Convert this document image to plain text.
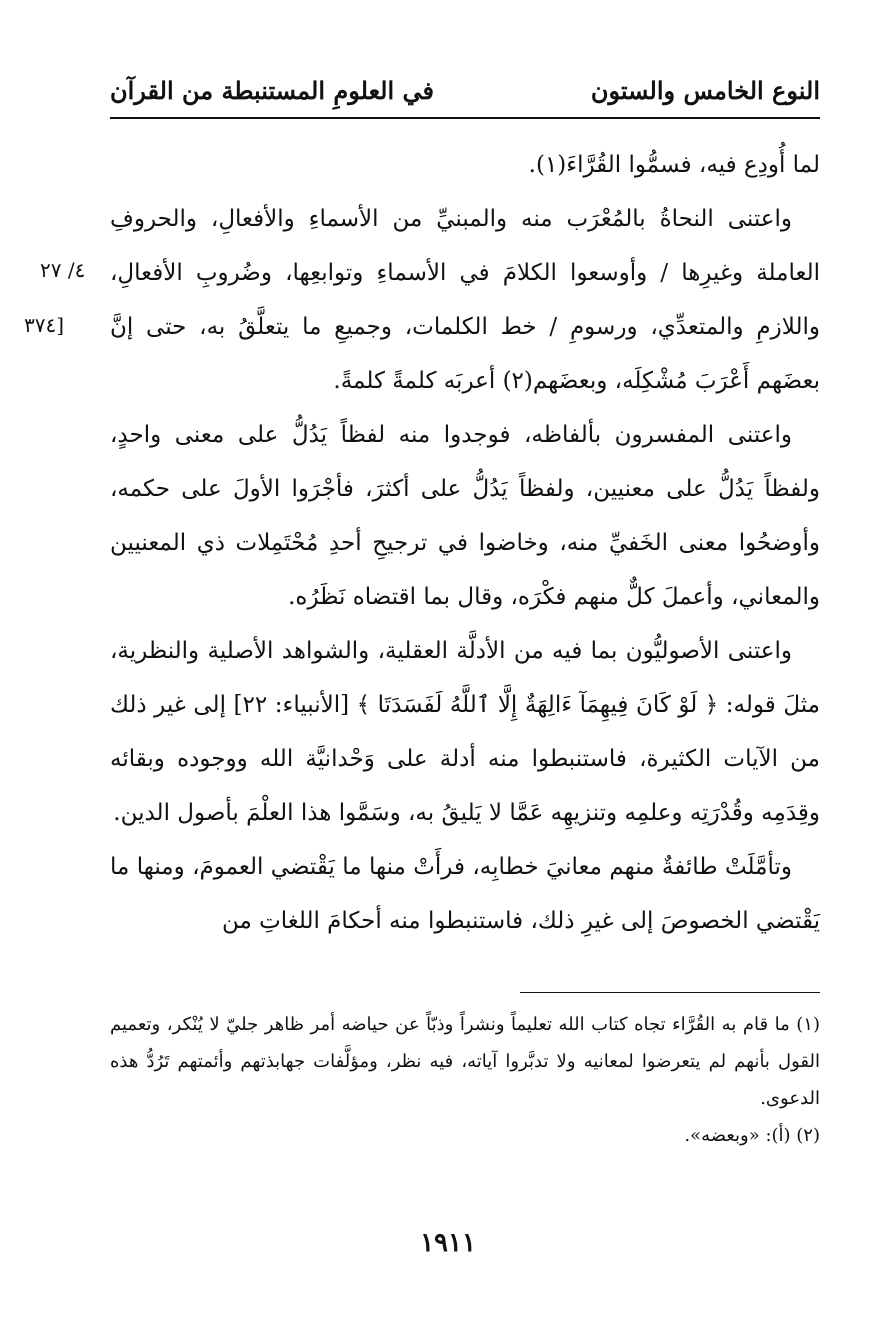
النوع الخامس والستون
في العلومِ المستنبطة من القرآن
٤/ ٢٧
[٣٧٤

لما أُودِع فيه، فسمُّوا القُرَّاءَ(١).

واعتنى النحاةُ بالمُعْرَب منه والمبنيِّ من الأسماءِ والأفعالِ، والحروفِ العاملة وغيرِها / وأوسعوا الكلامَ في الأسماءِ وتوابعِها، وضُروبِ الأفعالِ، واللازمِ والمتعدِّي، ورسومِ / خط الكلمات، وجميعِ ما يتعلَّقُ به، حتى إنَّ بعضَهم أَعْرَبَ مُشْكِلَه، وبعضَهم(٢) أعربَه كلمةً كلمةً.

واعتنى المفسرون بألفاظه، فوجدوا منه لفظاً يَدُلُّ على معنى واحدٍ، ولفظاً يَدُلُّ على معنيين، ولفظاً يَدُلُّ على أكثرَ، فأجْرَوا الأولَ على حكمه، وأوضحُوا معنى الخَفيِّ منه، وخاضوا في ترجيحِ أحدِ مُحْتَمِلات ذي المعنيين والمعاني، وأعملَ كلٌّ منهم فكْرَه، وقال بما اقتضاه نَظَرُه.

واعتنى الأصوليُّون بما فيه من الأدلَّة العقلية، والشواهد الأصلية والنظرية، مثلَ قوله: ﴿ لَوْ كَانَ فِيهِمَآ ءَالِهَةٌ إِلَّا ٱللَّهُ لَفَسَدَتَا ﴾ [الأنبياء: ٢٢] إلى غير ذلك من الآيات الكثيرة، فاستنبطوا منه أدلة على وَحْدانيَّة الله ووجوده وبقائه وقِدَمِه وقُدْرَتِه وعلمِه وتنزيهِه عَمَّا لا يَليقُ به، وسَمَّوا هذا العلْمَ بأصول الدين.

وتأمَّلَتْ طائفةٌ منهم معانيَ خطابِه، فرأَتْ منها ما يَقْتضي العمومَ، ومنها ما يَقْتضي الخصوصَ إلى غيرِ ذلك، فاستنبطوا منه أحكامَ اللغاتِ من

(١) ما قام به القُرَّاء تجاه كتاب الله تعليماً ونشراً وذبّاً عن حياضه أمر ظاهر جليّ لا يُنْكر، وتعميم القول بأنهم لم يتعرضوا لمعانيه ولا تدبَّروا آياته، فيه نظر، ومؤلَّفات جهابذتهم وأئمتهم تَرُدُّ هذه الدعوى.

(٢) (أ): «وبعضه».

١٩١١
